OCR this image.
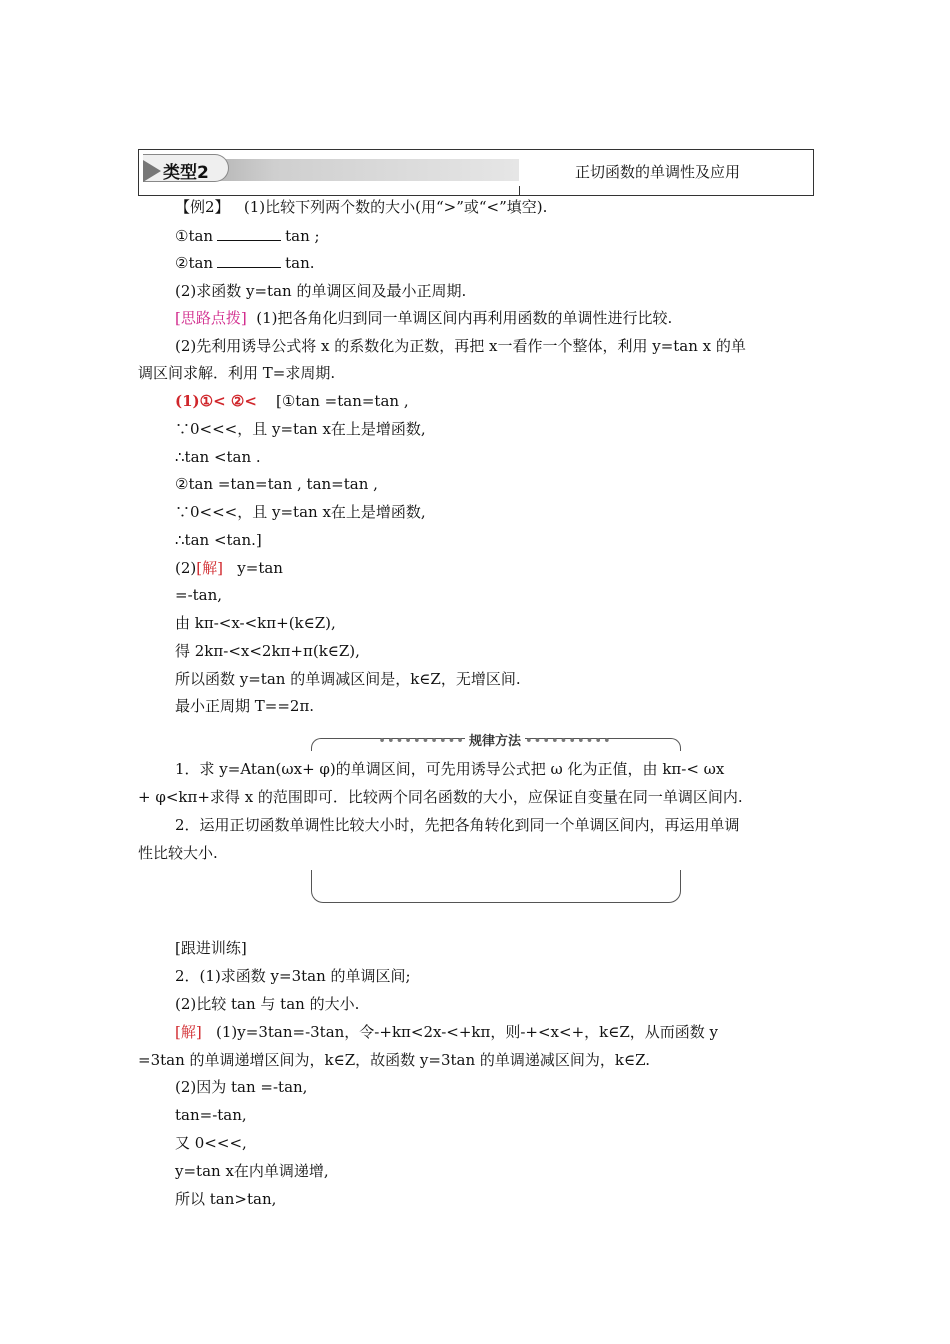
类型2	正切函数的单调性及应用
【例2】 (1)比较下列两个数的大小(用“>”或“<”填空).
①tan	tan ;
②tan	tan.
(2)求函数 y=tan 的单调区间及最小正周期.
[思路点拨] (1)把各角化归到同一单调区间内再利用函数的单调性进行比较.
(2)先利用诱导公式将 x 的系数化为正数，再把 x一看作一个整体，利用 y=tan x 的单
调区间求解．利用 T=求周期.
(1)①< ②< [①tan =tan=tan ,
∵0<<<，且 y=tan x在上是增函数,
∴tan <tan .
②tan =tan=tan , tan=tan ,
∵0<<<，且 y=tan x在上是增函数,
∴tan <tan.]
(2)[解] y=tan
=-tan,
由 kπ-<x-<kπ+(k∈Z),
得 2kπ-<x<2kπ+π(k∈Z),
所以函数 y=tan 的单调减区间是，k∈Z，无增区间.
最小正周期 T==2π.
•••••••••• 规律方法 ••••••••••
1．求 y=Atan(ωx+ φ)的单调区间，可先用诱导公式把 ω 化为正值，由 kπ-< ωx
+ φ<kπ+求得 x 的范围即可．比较两个同名函数的大小，应保证自变量在同一单调区间内.
2．运用正切函数单调性比较大小时，先把各角转化到同一个单调区间内，再运用单调
性比较大小.
[跟进训练]
2．(1)求函数 y=3tan 的单调区间;
(2)比较 tan 与 tan 的大小.
[解] (1)y=3tan=-3tan，令-+kπ<2x-<+kπ，则-+<x<+，k∈Z，从而函数 y
=3tan 的单调递增区间为，k∈Z，故函数 y=3tan 的单调递减区间为，k∈Z.
(2)因为 tan =-tan,
tan=-tan,
又 0<<<,
y=tan x在内单调递增,
所以 tan>tan,
